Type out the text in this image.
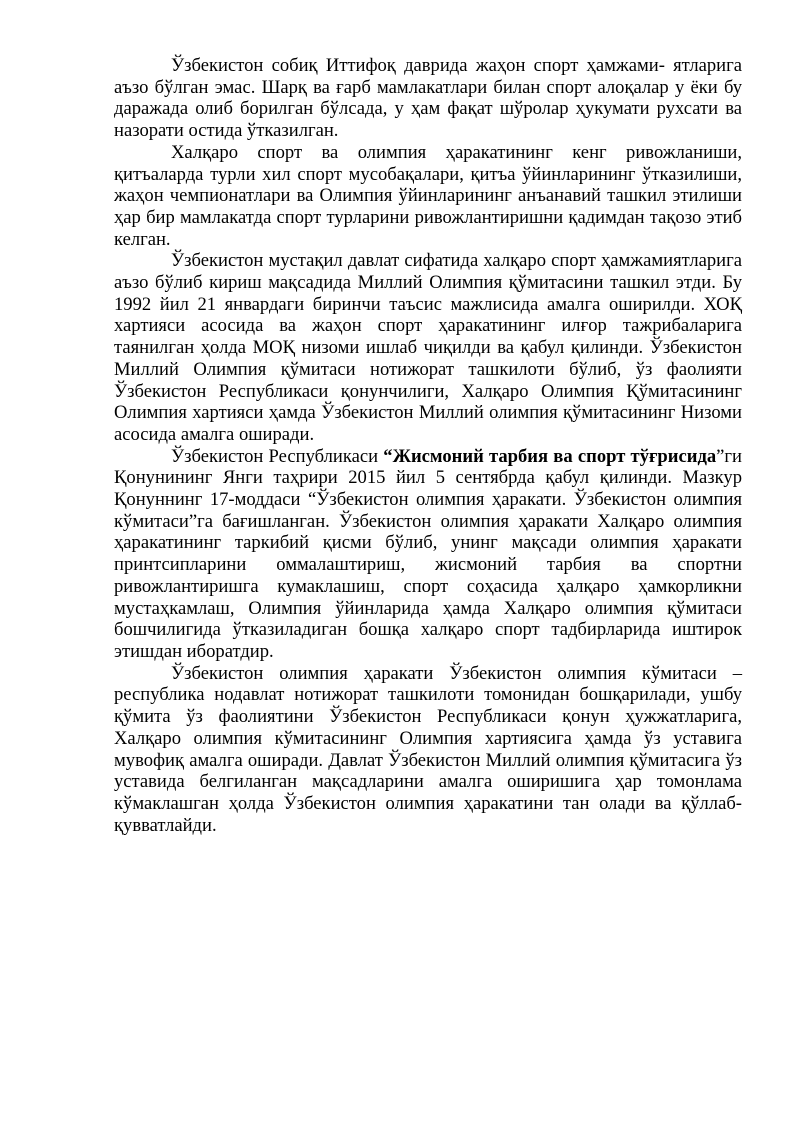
Ўзбекистон собиқ Иттифоқ даврида жаҳон спорт ҳамжами- ятларига аъзо бўлган эмас. Шарқ ва ғарб мамлакатлари билан спорт алоқалар у ёки бу даражада олиб борилган бўлсада, у ҳам фақат шўролар ҳукумати рухсати ва назорати остида ўтказилган.

Халқаро спорт ва олимпия ҳаракатининг кенг ривожланиши, қитъаларда турли хил спорт мусобақалари, қитъа ўйинларининг ўтказилиши, жаҳон чемпионатлари ва Олимпия ўйинларининг анъанавий ташкил этилиши ҳар бир мамлакатда спорт турларини ривожлантиришни қадимдан тақозо этиб келган.

Ўзбекистон мустақил давлат сифатида халқаро спорт ҳамжамиятларига аъзо бўлиб кириш мақсадида Миллий Олимпия қўмитасини ташкил этди. Бу 1992 йил 21 январдаги биринчи таъсис мажлисида амалга оширилди. ХОҚ хартияси асосида ва жаҳон спорт ҳаракатининг илғор тажрибаларига таянилган ҳолда МОҚ низоми ишлаб чиқилди ва қабул қилинди. Ўзбекистон Миллий Олимпия қўмитаси нотижорат ташкилоти бўлиб, ўз фаолияти Ўзбекистон Республикаси қонунчилиги, Халқаро Олимпия Қўмитасининг Олимпия хартияси ҳамда Ўзбекистон Миллий олимпия қўмитасининг Низоми асосида амалга оширади.

Ўзбекистон Республикаси “Жисмоний тарбия ва спорт тўғрисида”ги Қонунининг Янги таҳрири 2015 йил 5 сентябрда қабул қилинди. Мазкур Қонуннинг 17-моддаси “Ўзбекистон олимпия ҳаракати. Ўзбекистон олимпия кўмитаси”га бағишланган. Ўзбекистон олимпия ҳаракати Халқаро олимпия ҳаракатининг таркибий қисми бўлиб, унинг мақсади олимпия ҳаракати принтсипларини оммалаштириш, жисмоний тарбия ва спортни ривожлантиришга кумаклашиш, спорт соҳасида ҳалқаро ҳамкорликни мустаҳкамлаш, Олимпия ўйинларида ҳамда Халқаро олимпия қўмитаси бошчилигида ўтказиладиган бошқа халқаро спорт тадбирларида иштирок этишдан иборатдир.

Ўзбекистон олимпия ҳаракати Ўзбекистон олимпия кўмитаси – республика нодавлат нотижорат ташкилоти томонидан бошқарилади, ушбу қўмита ўз фаолиятини Ўзбекистон Республикаси қонун ҳужжатларига, Халқаро олимпия кўмитасининг Олимпия хартиясига ҳамда ўз уставига мувофиқ амалга оширади. Давлат Ўзбекистон Миллий олимпия қўмитасига ўз уставида белгиланган мақсадларини амалга оширишига ҳар томонлама кўмаклашган ҳолда Ўзбекистон олимпия ҳаракатини тан олади ва қўллаб-қувватлайди.
